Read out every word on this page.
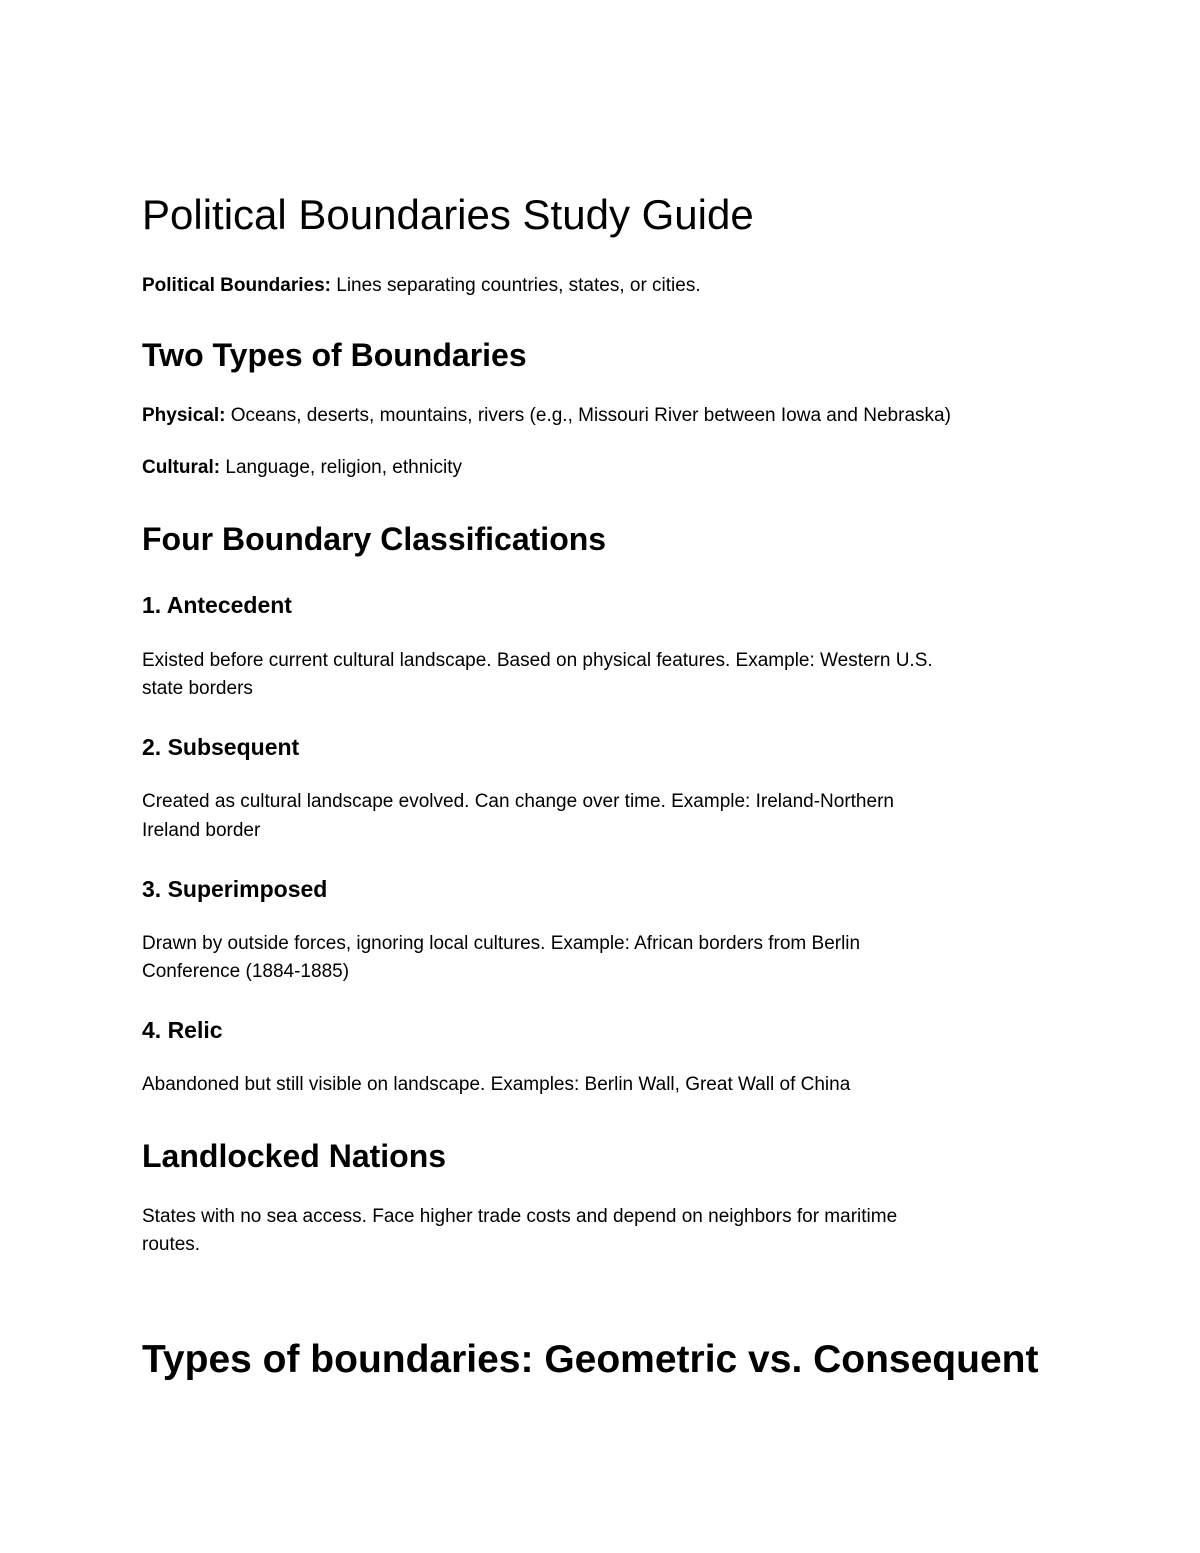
Political Boundaries Study Guide

Political Boundaries: Lines separating countries, states, or cities.

Two Types of Boundaries

Physical: Oceans, deserts, mountains, rivers (e.g., Missouri River between Iowa and Nebraska)

Cultural: Language, religion, ethnicity

Four Boundary Classifications
1. Antecedent

Existed before current cultural landscape. Based on physical features. Example: Western U.S.

state borders

2. Subsequent

Created as cultural landscape evolved. Can change over time. Example: Ireland-Northern

Ireland border

3. Superimposed

Drawn by outside forces, ignoring local cultures. Example: African borders from Berlin

Conference (1884-1885)

4. Relic

Abandoned but still visible on landscape. Examples: Berlin Wall, Great Wall of China

Landlocked Nations

States with no sea access. Face higher trade costs and depend on neighbors for maritime

routes.

Types of boundaries: Geometric vs. Consequent
